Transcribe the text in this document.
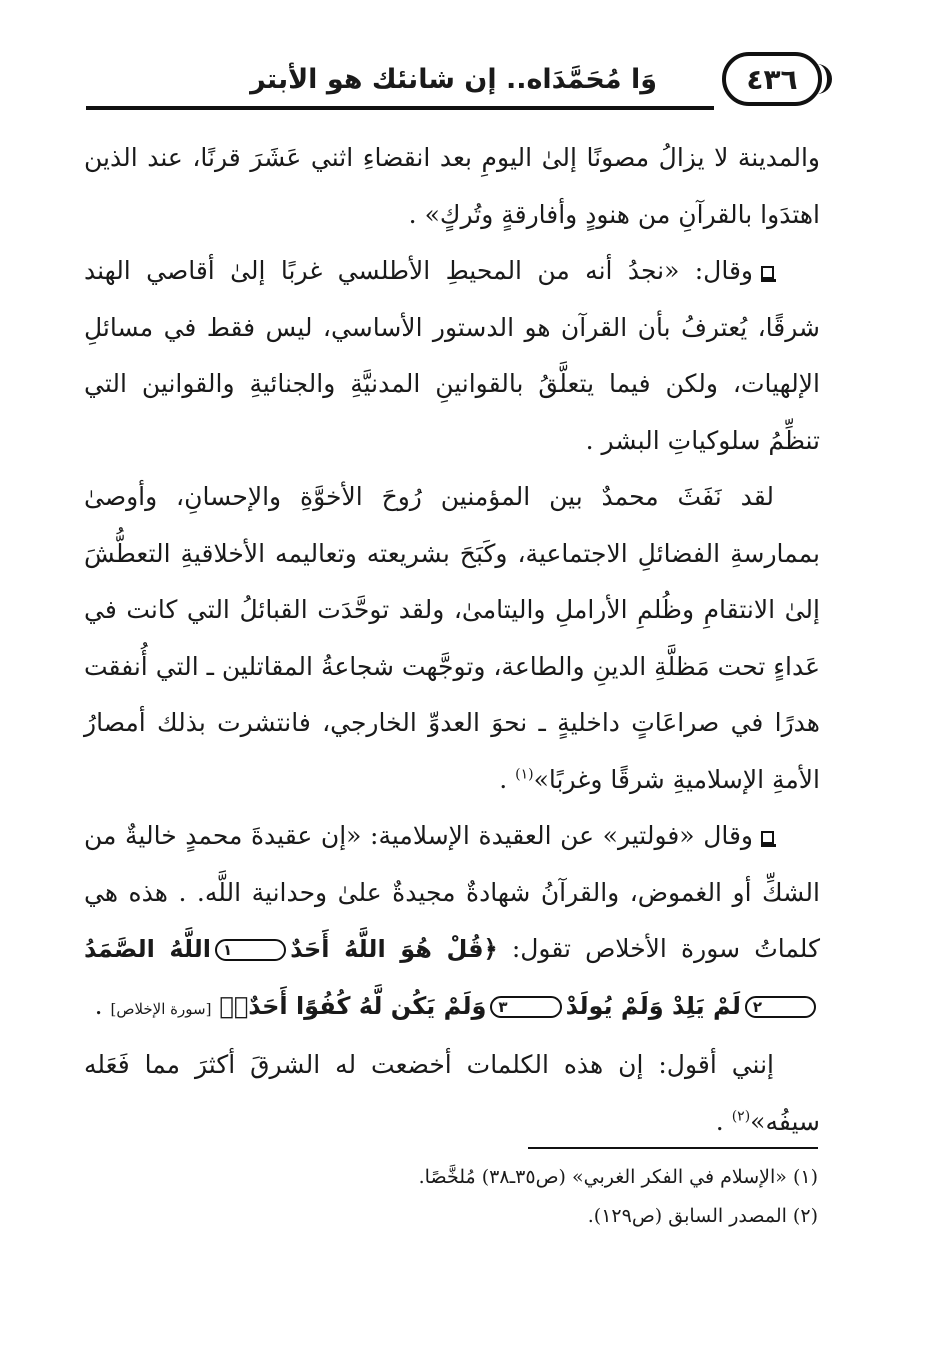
وَا مُحَمَّدَاه.. إن شانئك هو الأبتر	٤٣٦

والمدينة لا يزالُ مصونًا إلىٰ اليومِ بعد انقضاءِ اثني عَشَرَ قرنًا، عند الذين اهتدَوا بالقرآنِ من هنودٍ وأفارقةٍ وتُركٍ» .

وقال: «نجدُ أنه من المحيطِ الأطلسي غربًا إلىٰ أقاصي الهند شرقًا، يُعترفُ بأن القرآن هو الدستور الأساسي، ليس فقط في مسائلِ الإلهيات، ولكن فيما يتعلَّقُ بالقوانينِ المدنيَّةِ والجنائيةِ والقوانين التي تنظِّمُ سلوكياتِ البشر .

لقد نَفَثَ محمدٌ بين المؤمنين رُوحَ الأخوَّةِ والإحسانِ، وأوصىٰ بممارسةِ الفضائلِ الاجتماعية، وكَبَحَ بشريعته وتعاليمه الأخلاقيةِ التعطُّشَ إلىٰ الانتقامِ وظُلمِ الأراملِ واليتامىٰ، ولقد توحَّدَت القبائلُ التي كانت في عَداءٍ تحت مَظلَّةِ الدينِ والطاعة، وتوجَّهت شجاعةُ المقاتلين ـ التي أُنفقت هدرًا في صراعَاتٍ داخليةٍ ـ نحوَ العدوِّ الخارجي، فانتشرت بذلك أمصارُ الأمةِ الإسلاميةِ شرقًا وغربًا»$^{(١)}$ .

وقال «فولتير» عن العقيدة الإسلامية: «إن عقيدةَ محمدٍ خاليةٌ من الشكِّ أو الغموض، والقرآنُ شهادةٌ مجيدةٌ علىٰ وحدانية اللَّه. . هذه هي كلماتُ سورة الأخلاص تقول: ﴿قُلْ هُوَ اللَّهُ أَحَدٌ١اللَّهُ الصَّمَدُ٢لَمْ يَلِدْ وَلَمْ يُولَدْ٣وَلَمْ يَكُن لَّهُ كُفُوًا أَحَدٌۢ﴾ [سورة الإخلاص] .

إنني أقول: إن هذه الكلمات أخضعت له الشرقَ أكثرَ مما فَعَله سيفُه»$^{(٢)}$ .

(١) «الإسلام في الفكر الغربي» (ص٣٥ـ٣٨) مُلخَّصًا.

(٢) المصدر السابق (ص١٢٩).
